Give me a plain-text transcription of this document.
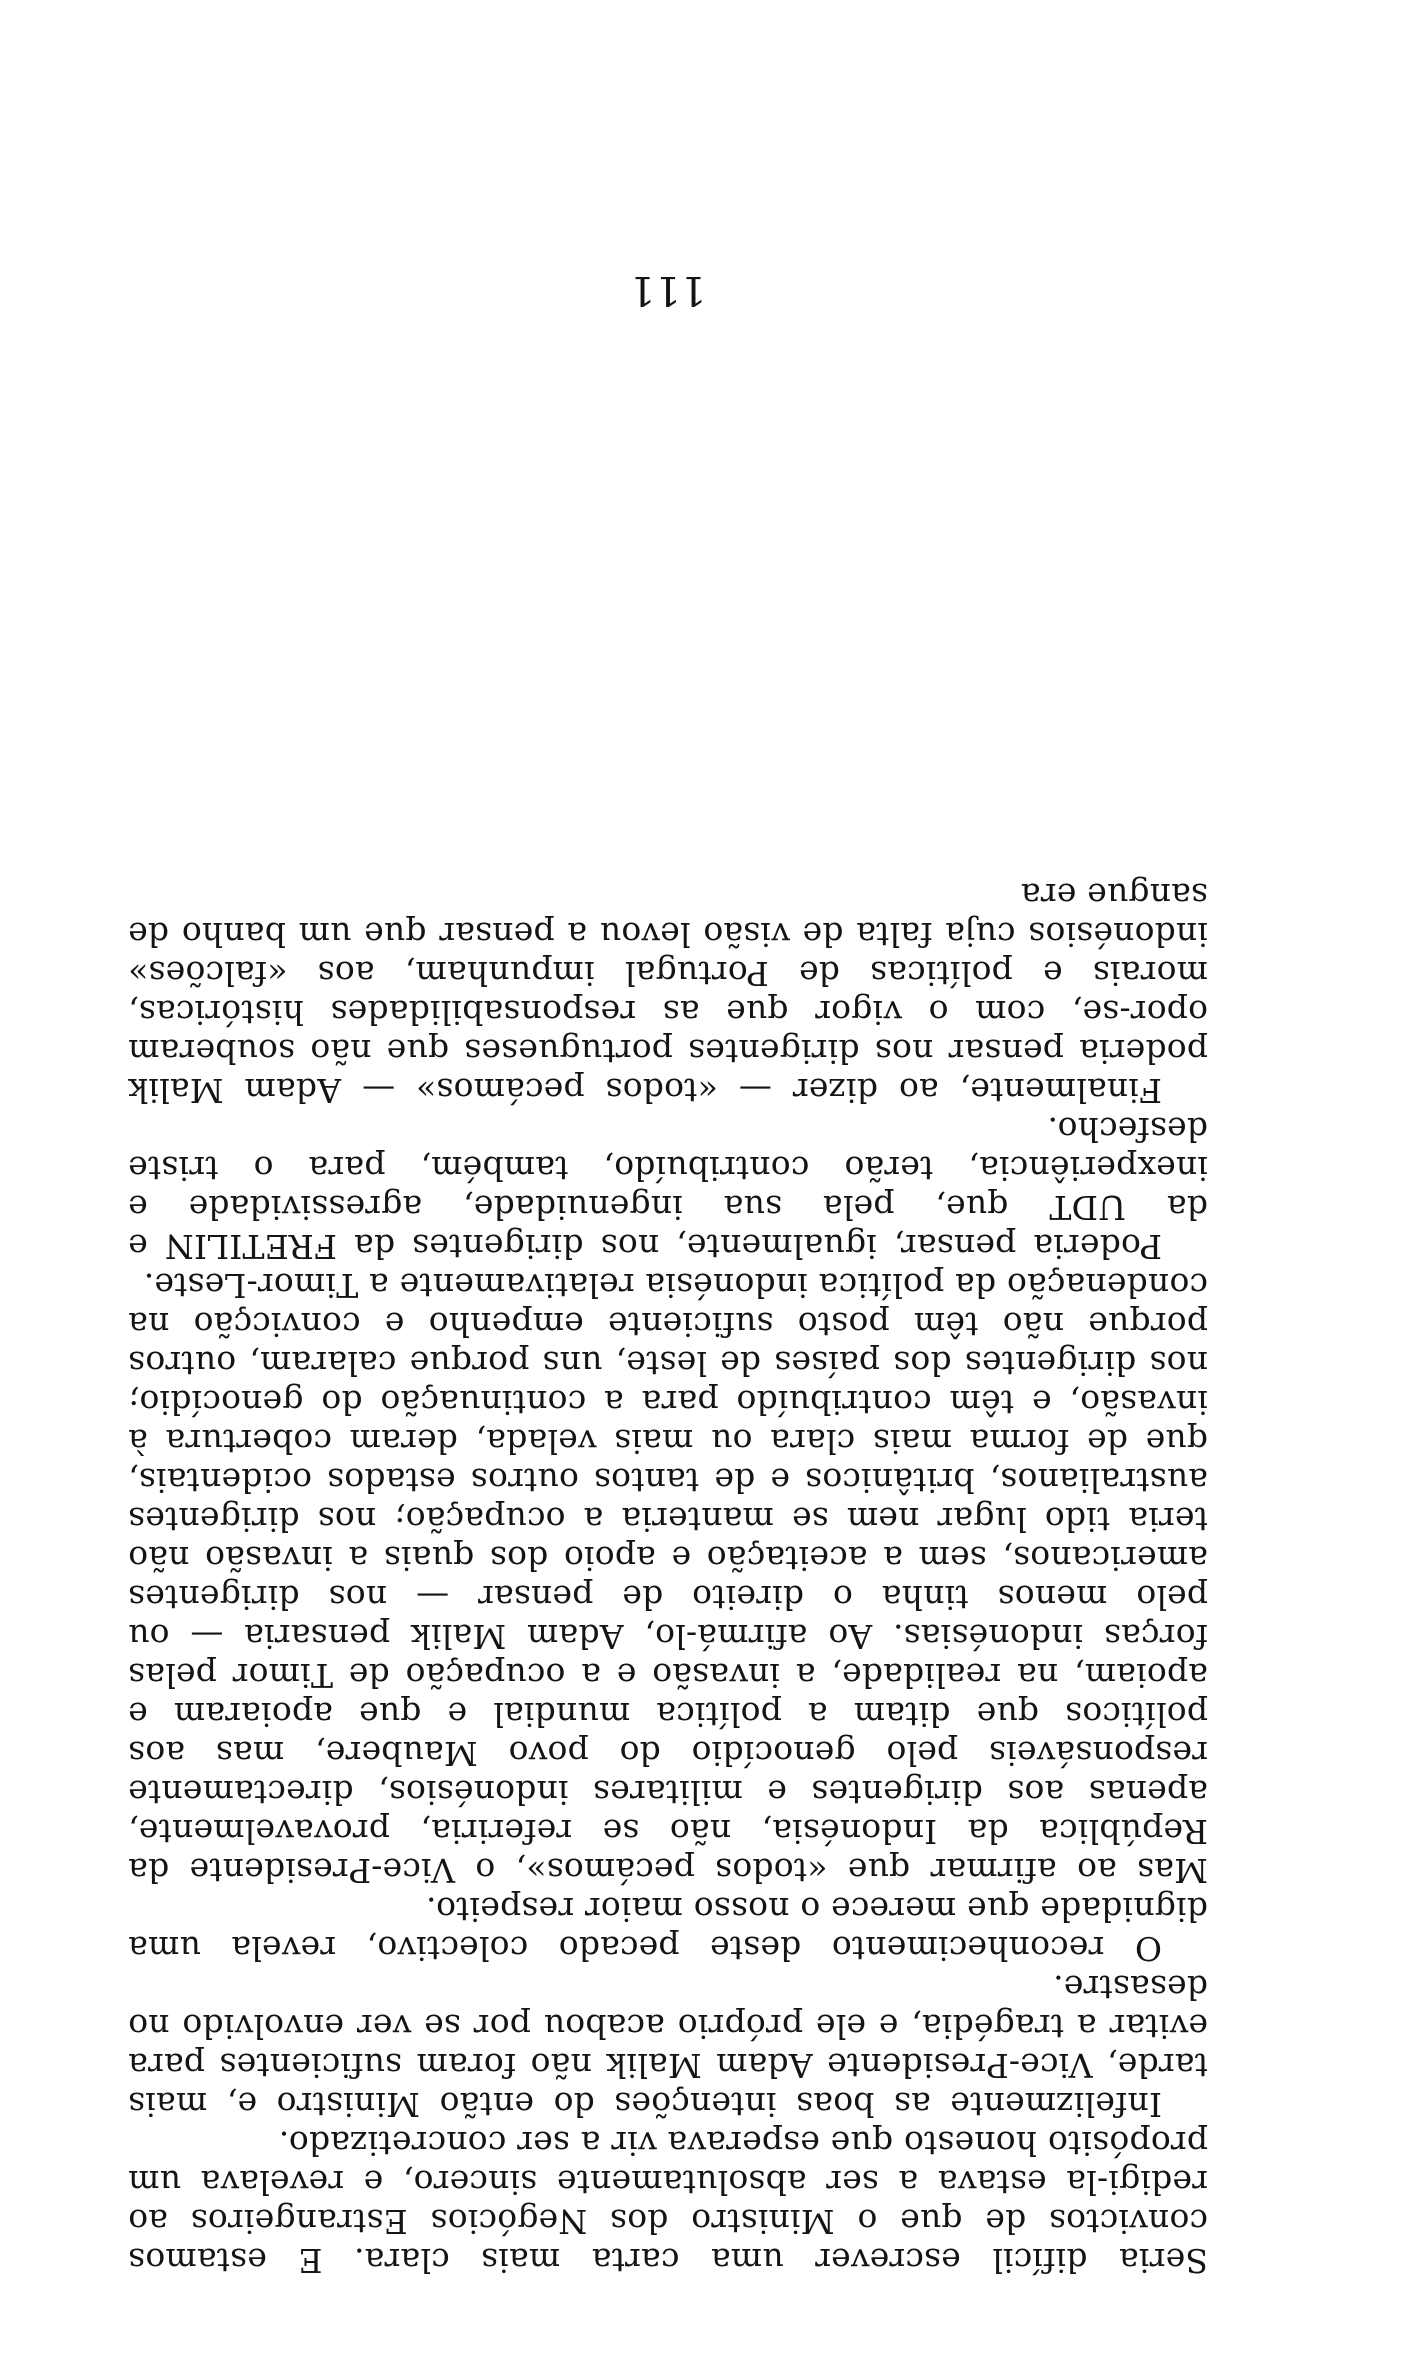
Seria difícil escrever uma carta mais clara. E estamos convictos de que o Ministro dos Negócios Estrangeiros ao redigi-la estava a ser absolutamente sincero, e revelava um propósito honesto que esperava vir a ser concretizado.

Infelizmente as boas intenções do então Ministro e, mais tarde, Vice-Presidente Adam Malik não foram suficientes para evitar a tragédia, e ele próprio acabou por se ver envolvido no desastre.

O reconhecimento deste pecado colectivo, revela uma dignidade que merece o nosso maior respeito.

Mas ao afirmar que «todos pecámos», o Vice-Presidente da República da Indonésia, não se referiria, provavelmente, apenas aos dirigentes e militares indonésios, directamente responsáveis pelo genocídio do povo Maubere, mas aos políticos que ditam a política mundial e que apoiaram e apoiam, na realidade, a invasão e a ocupação de Timor pelas forças indonésias. Ao afirmá-lo, Adam Malik pensaria — ou pelo menos tinha o direito de pensar — nos dirigentes americanos, sem a aceitação e apoio dos quais a invasão não teria tido lugar nem se manteria a ocupação; nos dirigentes australianos, britânicos e de tantos outros estados ocidentais, que de forma mais clara ou mais velada, deram cobertura à invasão, e têm contribuído para a continuação do genocídio; nos dirigentes dos países de leste, uns porque calaram, outros porque não têm posto suficiente empenho e convicção na condenação da política indonésia relativamente a Timor-Leste.

Poderia pensar, igualmente, nos dirigentes da FRETILIN e da UDT que, pela sua ingenuidade, agressividade e inexperiência, terão contribuído, também, para o triste desfecho.

Finalmente, ao dizer — «todos pecámos» — Adam Malik poderia pensar nos dirigentes portugueses que não souberam opor-se, com o vigor que as responsabilidades históricas, morais e políticas de Portugal impunham, aos «falcões» indonésios cuja falta de visão levou a pensar que um banho de sangue era

111
